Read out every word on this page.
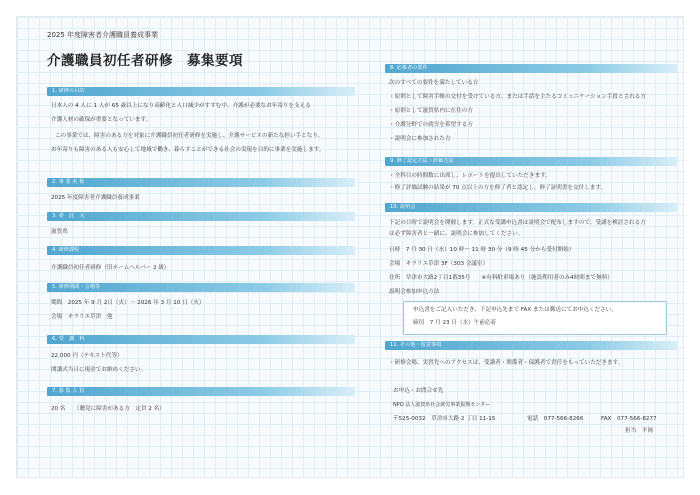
2025 年度障害者介護職員養成事業
介護職員初任者研修　募集要項
1. 研修の目的
日本人の 4 人に 1 人が 65 歳以上になり高齢化と人口減少がすすむ中、介護が必要なお年寄りを支える
介護人材の確保が重要となっています。
この事業では、障害のある方を対象に介護職員初任者研修を実施し、介護サービスの新たな担い手となり、
お年寄りも障害のある人も安心して地域で働き、暮らすことができる社会の実現を目的に事業を実施します。
2. 事 業 名 称
2025 年度障害者介護職員養成事業
3. 委　託　元
滋賀県
4. 研修課程
介護職員初任者研修（旧ホームヘルパー 2 級）
5. 研修期間・会場等
期間　2025 年 9 月 2日（火）～ 2026 年 3 月 10 日（火）
会場　キラリエ草津　他
6. 受　講　料
22,000 円（テキスト代等）
開講式当日に現金でお納めください。
7. 募 集 人 員
20 名　　（聴覚に障害がある方　定員 2 名）
8. 応募者の要件
次のすべての要件を満たしている方
・原則として障害手帳の交付を受けている方、または手話を主たるコミュニケーション手段とされる方
・原則として滋賀県内に在住の方
・介護分野での就労を希望する方
・説明会に参加された方
9. 修了認定方法・評価方法
・全科目の時間数に出席し、レポートを提出していただきます。
・修了評価試験の結果が 70 点以上の方を修了者と認定し、修了証明書を交付します。
10. 説明会
下記の日時で説明会を開催します。正式な受講申込書は説明会で配布しますので、受講を検討される方
は必ず障害者と一緒に、説明会に参加してください。
日時　7 月 30 日（水）10 時～ 11 時 30 分（9 時 45 分から受付開始）
会場　キラリエ草津 3F（303 会議室）
住所　草津市大路2丁目1番35号　　※有料駐車場あり（施設利用者のみ4時間まで無料）
説明会参加申込方法
申込書をご記入いただき、下記申込先まで FAX または郵送にてお申込ください。
締切　7 月 23 日（水）午前必着
11. その他・留意事項
・研修会場、実習先へのアクセスは、受講者・関係者・保護者で責任をもっていただきます。
お申込・お問合せ先
NPO 法人滋賀県社会就労事業振興センター
〒525-0032　草津市大路 2 丁目 11-15	電話　077-566-8266	FAX　077-566-8277
担当　平岡
